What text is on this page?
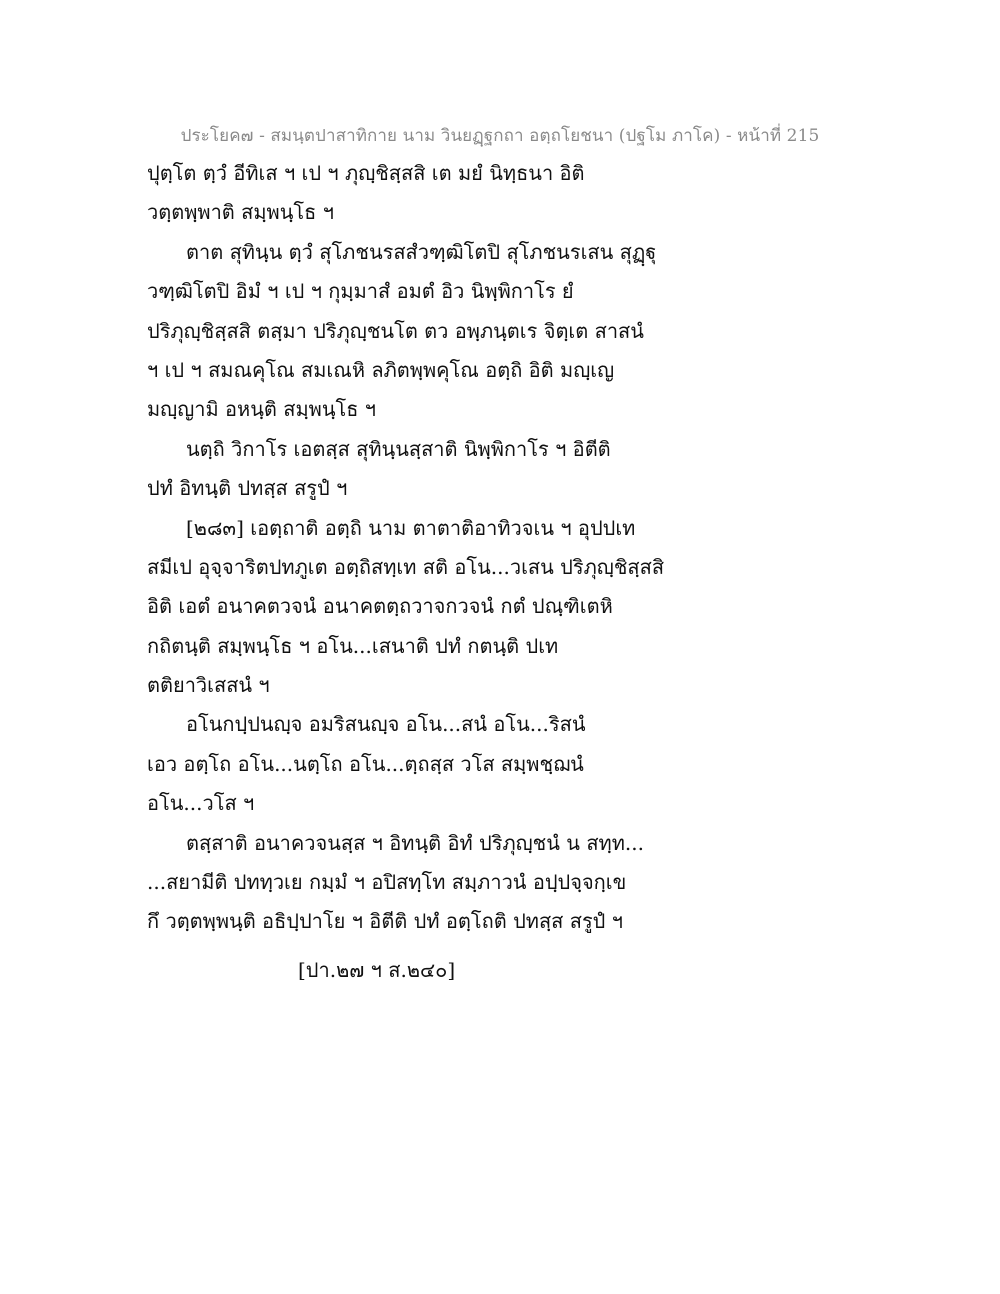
ประโยค๗ - สมนฺตปาสาทิกาย นาม วินยฏฺฐกถา อตฺถโยชนา (ปฐโม ภาโค) - หน้าที่ 215
ปุตฺโต ตฺวํ อีทิเส ฯ เป ฯ ภุญฺชิสฺสสิ เต มยํ นิทฺธนา อิติ
วตฺตพฺพาติ สมฺพนฺโธ ฯ
ตาต สุทินฺน ตฺวํ สุโภชนรสสํวฑฺฒิโตปิ สุโภชนรเสน สุฏฺฐุ
วฑฺฒิโตปิ อิมํ ฯ เป ฯ กุมฺมาสํ อมตํ อิว นิพฺพิกาโร ยํ
ปริภุญฺชิสฺสสิ ตสฺมา ปริภุญฺชนโต ตว อพฺภนฺตเร จิตฺเต สาสนํ
ฯ เป ฯ สมณคุโณ สมเณหิ ลภิตพฺพคุโณ อตฺถิ อิติ มญฺเญ
มญฺญามิ อหนฺติ สมฺพนฺโธ ฯ
นตฺถิ วิกาโร เอตสฺส สุทินฺนสฺสาติ นิพฺพิกาโร ฯ อิตีติ
ปทํ อิทนฺติ ปทสฺส สรูปํ ฯ
[๒๘๓] เอตฺถาติ อตฺถิ นาม ตาตาติอาทิวจเน ฯ อุปปเท
สมีเป อุจฺจาริตปทภูเต อตฺถิสทฺเท สติ อโน...วเสน ปริภุญฺชิสฺสสิ
อิติ เอตํ อนาคตวจนํ อนาคตตฺถวาจกวจนํ กตํ ปณฺฑิเตหิ
กถิตนฺติ สมฺพนฺโธ ฯ อโน...เสนาติ ปทํ กตนฺติ ปเท
ตติยาวิเสสนํ ฯ
อโนกปฺปนญฺจ อมริสนญฺจ อโน...สนํ อโน...ริสนํ
เอว อตฺโถ อโน...นตฺโถ อโน...ตฺถสฺส วโส สมฺพชฺฌนํ
อโน...วโส ฯ
ตสฺสาติ อนาควจนสฺส ฯ อิทนฺติ อิทํ ปริภุญฺชนํ น สทฺท...
...สยามีติ ปททฺวเย กมฺมํ ฯ อปิสทฺโท สมฺภาวนํ อปฺปจฺจกฺเข
กึ วตฺตพฺพนฺติ อธิปฺปาโย ฯ อิตีติ ปทํ อตฺโถติ ปทสฺส สรูปํ ฯ
[ปา.๒๗ ฯ ส.๒๔๐]
